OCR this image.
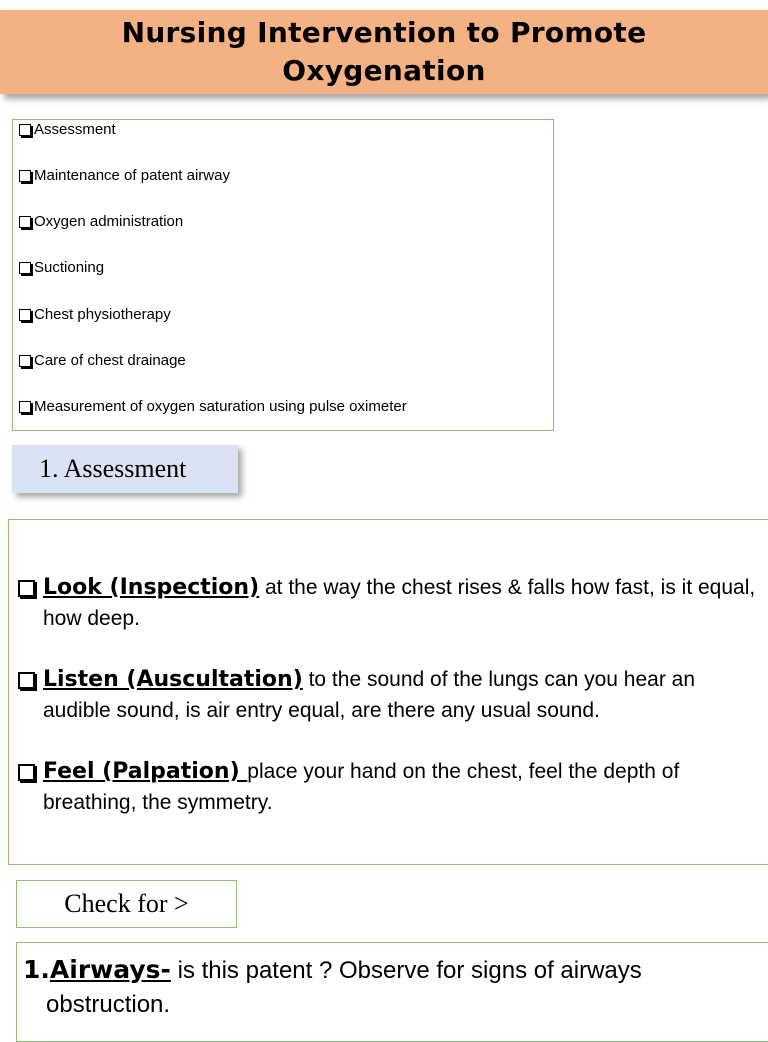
Nursing Intervention to Promote Oxygenation
Assessment
Maintenance of patent airway
Oxygen administration
Suctioning
Chest physiotherapy
Care of chest drainage
Measurement of oxygen saturation using pulse oximeter
1. Assessment
Look (Inspection) at the way the chest rises & falls how fast, is it equal, how deep.
Listen (Auscultation) to the sound of the lungs can you hear an audible sound, is air entry equal, are there any usual sound.
Feel (Palpation) place your hand on the chest, feel the depth of breathing, the symmetry.
Check for >
1.Airways- is this patent ? Observe for signs of airways
obstruction.
